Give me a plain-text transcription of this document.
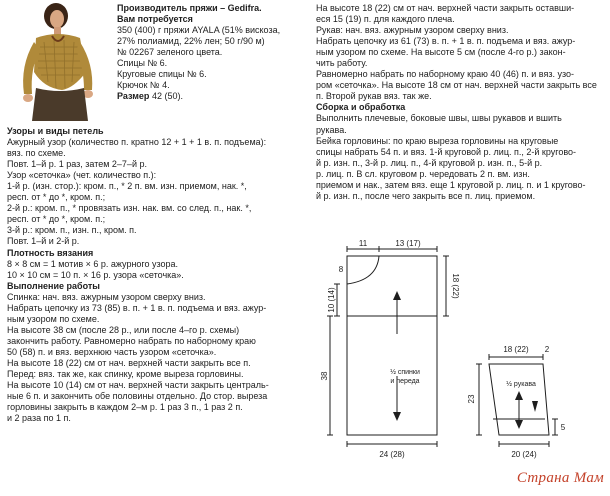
Производитель пряжи – Gedifra.
Вам потребуется
350 (400) г пряжи AYALA (51% вискоза,
27% полиамид, 22% лен; 50 г/90 м)
№ 02267 зеленого цвета.
Спицы № 6.
Круговые спицы № 6.
Крючок № 4.
Размер 42 (50).
Узоры и виды петель
Ажурный узор (количество п. кратно 12 + 1 + 1 в. п. подъема):
вяз. по схеме.
Повт. 1–й р. 1 раз, затем 2–7–й р.
Узор «сеточка» (чет. количество п.):
1-й р. (изн. стор.): кром. п., * 2 п. вм. изн. приемом, нак. *,
респ. от * до *, кром. п.;
2-й р.: кром. п., * провязать изн. нак. вм. со след. п., нак. *,
респ. от * до *, кром. п.;
3-й р.: кром. п., изн. п., кром. п.
Повт. 1–й и 2-й р.
Плотность вязания
8 × 8 см = 1 мотив × 6 р. ажурного узора.
10 × 10 см = 10 п. × 16 р. узора «сеточка».
Выполнение работы
Спинка: нач. вяз. ажурным узором сверху вниз.
Набрать цепочку из 73 (85) в. п. + 1 в. п. подъема и вяз. ажур-
ным узором по схеме.
На высоте 38 см (после 28 р., или после 4–го р. схемы)
закончить работу. Равномерно набрать по наборному краю
50 (58) п. и вяз. верхнюю часть узором «сеточка».
На высоте 18 (22) см от нач. верхней части закрыть все п.
Перед: вяз. так же, как спинку, кроме выреза горловины.
На высоте 10 (14) см от нач. верхней части закрыть централь-
ные 6 п. и закончить обе половины отдельно. До стор. выреза
горловины закрыть в каждом 2–м р. 1 раз 3 п., 1 раз 2 п.
и 2 раза по 1 п.
На высоте 18 (22) см от нач. верхней части закрыть оставши-
еся 15 (19) п. для каждого плеча.
Рукав: нач. вяз. ажурным узором сверху вниз.
Набрать цепочку из 61 (73) в. п. + 1 в. п. подъема и вяз. ажур-
ным узором по схеме. На высоте 5 см (после 4-го р.) закон-
чить работу.
Равномерно набрать по наборному краю 40 (46) п. и вяз. узо-
ром «сеточка». На высоте 18 см от нач. верхней части закрыть все
п. Второй рукав вяз. так же.
Сборка и обработка
Выполнить плечевые, боковые швы, швы рукавов и вшить
рукава.
Бейка горловины: по краю выреза горловины на круговые
спицы набрать 54 п. и вяз. 1-й круговой р. лиц. п., 2-й кругово-
й р. изн. п., 3-й р. лиц. п., 4-й круговой р. изн. п., 5-й р.
р. лиц. п. В сл. круговом р. чередовать 2 п. вм. изн.
приемом и нак., затем вяз. еще 1 круговой р. лиц. п. и 1 кругово-
й р. изн. п., после чего закрыть все п. лиц. приемом.
11	13 (17)
10 (14)
18 (22)
8
38
24 (28)
18 (22) 2
23
5
20 (24)
½ спинки
и переда	½ рукава
Страна Мам
